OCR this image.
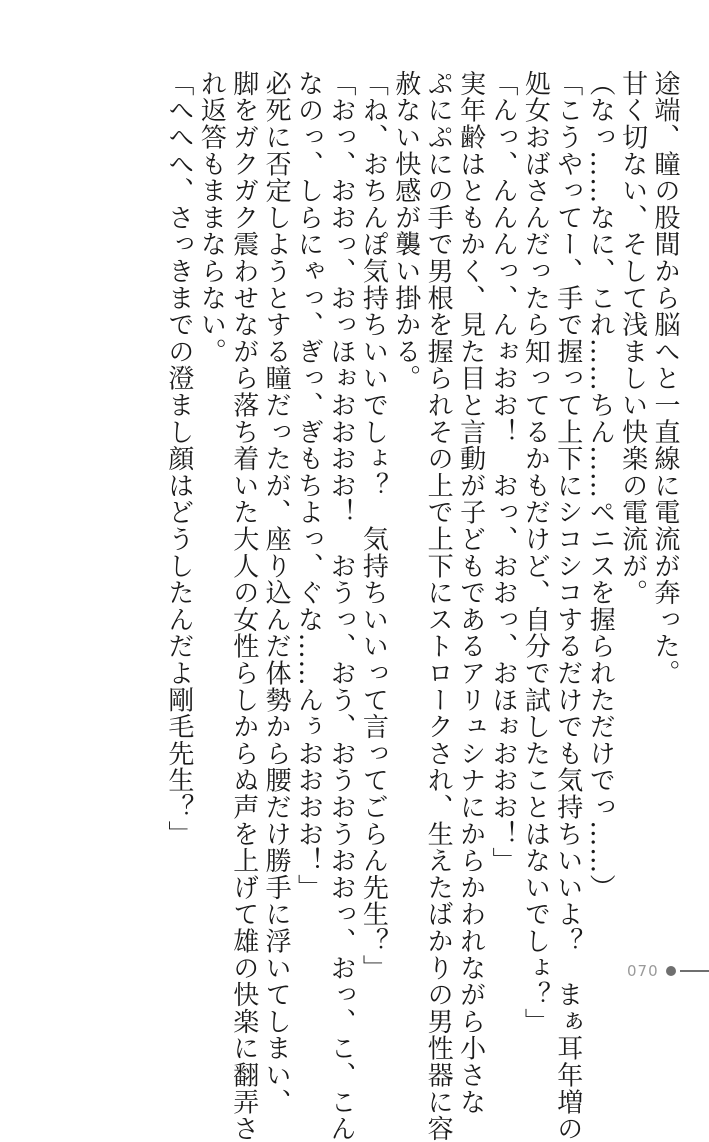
途端、瞳の股間から脳へと一直線に電流が奔った。
甘く切ない、そして浅ましい快楽の電流が。
（なっ……なに、これ……ちん……ペニスを握られただけでっ……）
「こうやってー、手で握って上下にシコシコするだけでも気持ちいいよ？　まぁ耳年増の
処女おばさんだったら知ってるかもだけど、自分で試したことはないでしょ？」
「んっ、んんんっ、んぉおお！　おっ、おおっ、おほぉおおお！」
実年齢はともかく、見た目と言動が子どもであるアリュシナにからかわれながら小さな
ぷにぷにの手で男根を握られその上で上下にストロークされ、生えたばかりの男性器に容
赦ない快感が襲い掛かる。
「ね、おちんぽ気持ちいいでしょ？　気持ちいいって言ってごらん先生？」
「おっ、おおっ、おっほぉおおおお！　おうっ、おう、おうおうおおっ、おっ、こ、こん
なのっ、しらにゃっ、ぎっ、ぎもちよっ、ぐな……んぅおおおお！」
必死に否定しようとする瞳だったが、座り込んだ体勢から腰だけ勝手に浮いてしまい、
脚をガクガク震わせながら落ち着いた大人の女性らしからぬ声を上げて雄の快楽に翻弄さ
れ返答もままならない。
「へへへ、さっきまでの澄まし顔はどうしたんだよ剛毛先生？」
070
